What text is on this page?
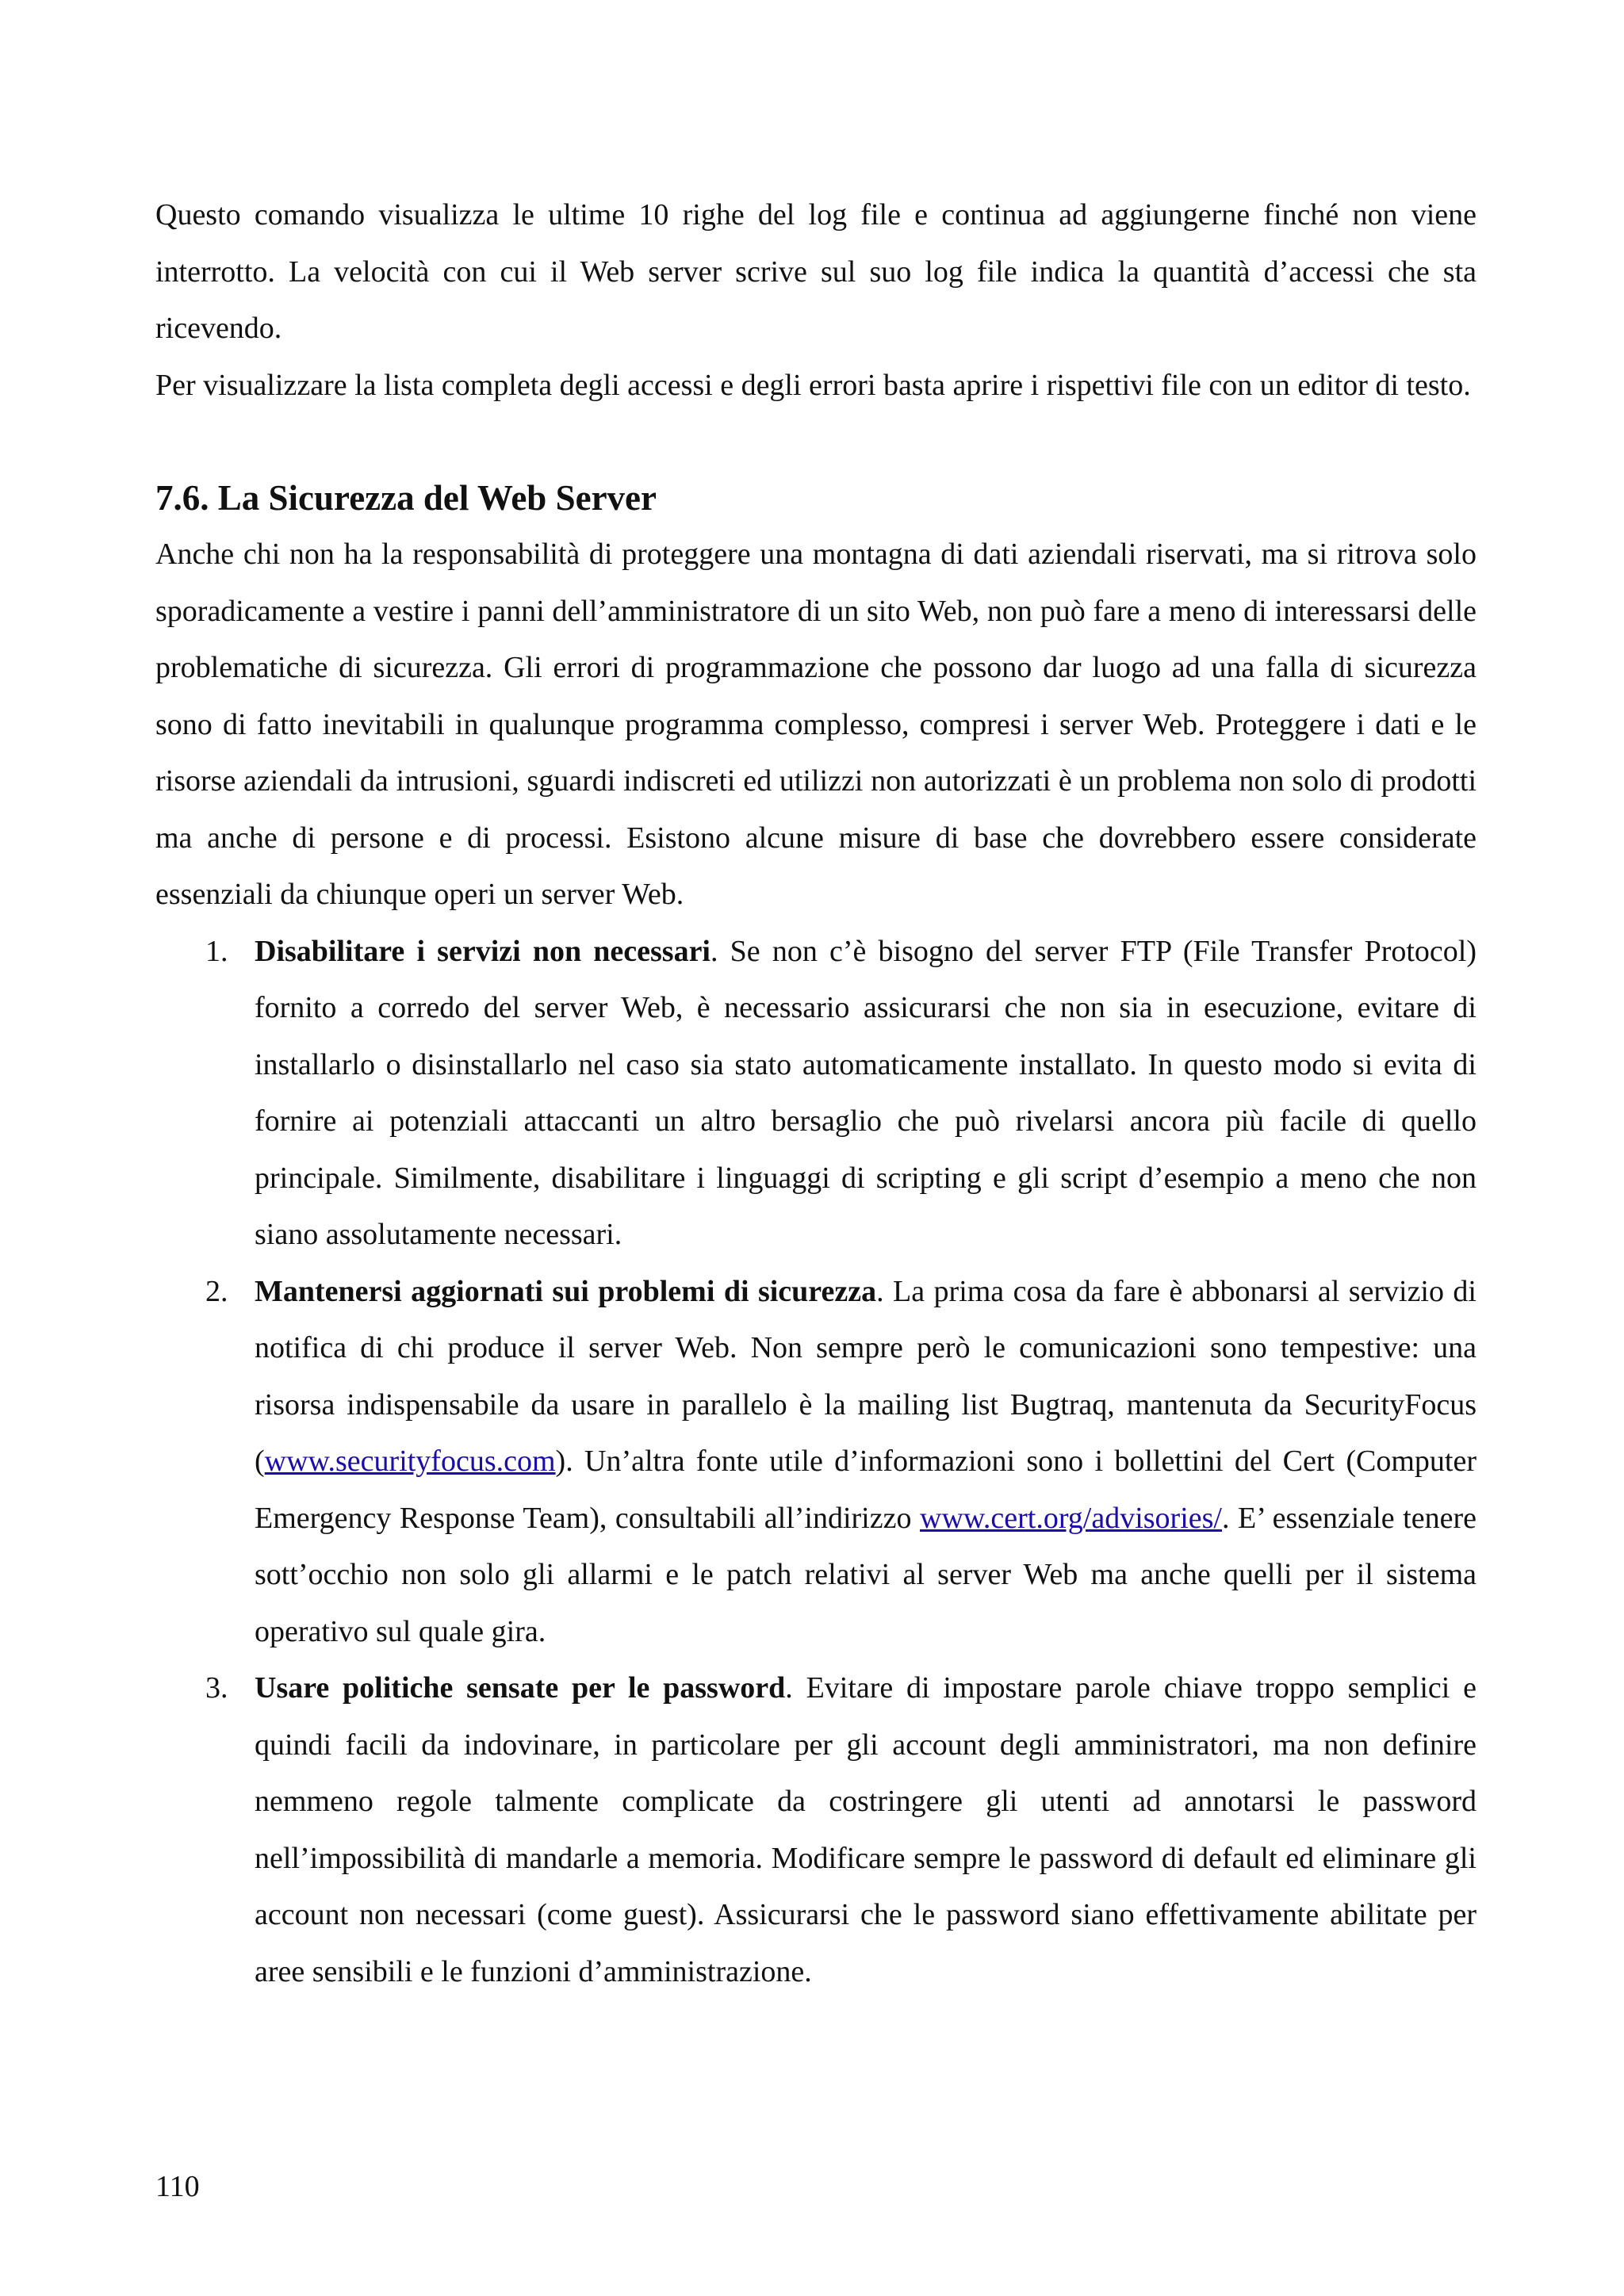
Questo comando visualizza le ultime 10 righe del log file e continua ad aggiungerne finché non viene interrotto. La velocità con cui il Web server scrive sul suo log file indica la quantità d’accessi che sta ricevendo.

Per visualizzare la lista completa degli accessi e degli errori basta aprire i rispettivi file con un editor di testo.

7.6. La Sicurezza del Web Server

Anche chi non ha la responsabilità di proteggere una montagna di dati aziendali riservati, ma si ritrova solo sporadicamente a vestire i panni dell’amministratore di un sito Web, non può fare a meno di interessarsi delle problematiche di sicurezza. Gli errori di programmazione che possono dar luogo ad una falla di sicurezza sono di fatto inevitabili in qualunque programma complesso, compresi i server Web. Proteggere i dati e le risorse aziendali da intrusioni, sguardi indiscreti ed utilizzi non autorizzati è un problema non solo di prodotti ma anche di persone e di processi. Esistono alcune misure di base che dovrebbero essere considerate essenziali da chiunque operi un server Web.

1. Disabilitare i servizi non necessari. Se non c’è bisogno del server FTP (File Transfer Protocol) fornito a corredo del server Web, è necessario assicurarsi che non sia in esecuzione, evitare di installarlo o disinstallarlo nel caso sia stato automaticamente installato. In questo modo si evita di fornire ai potenziali attaccanti un altro bersaglio che può rivelarsi ancora più facile di quello principale. Similmente, disabilitare i linguaggi di scripting e gli script d’esempio a meno che non siano assolutamente necessari.
2. Mantenersi aggiornati sui problemi di sicurezza. La prima cosa da fare è abbonarsi al servizio di notifica di chi produce il server Web. Non sempre però le comunicazioni sono tempestive: una risorsa indispensabile da usare in parallelo è la mailing list Bugtraq, mantenuta da SecurityFocus (www.securityfocus.com). Un’altra fonte utile d’informazioni sono i bollettini del Cert (Computer Emergency Response Team), consultabili all’indirizzo www.cert.org/advisories/. E’ essenziale tenere sott’occhio non solo gli allarmi e le patch relativi al server Web ma anche quelli per il sistema operativo sul quale gira.
3. Usare politiche sensate per le password. Evitare di impostare parole chiave troppo semplici e quindi facili da indovinare, in particolare per gli account degli amministratori, ma non definire nemmeno regole talmente complicate da costringere gli utenti ad annotarsi le password nell’impossibilità di mandarle a memoria. Modificare sempre le password di default ed eliminare gli account non necessari (come guest). Assicurarsi che le password siano effettivamente abilitate per aree sensibili e le funzioni d’amministrazione.
110
